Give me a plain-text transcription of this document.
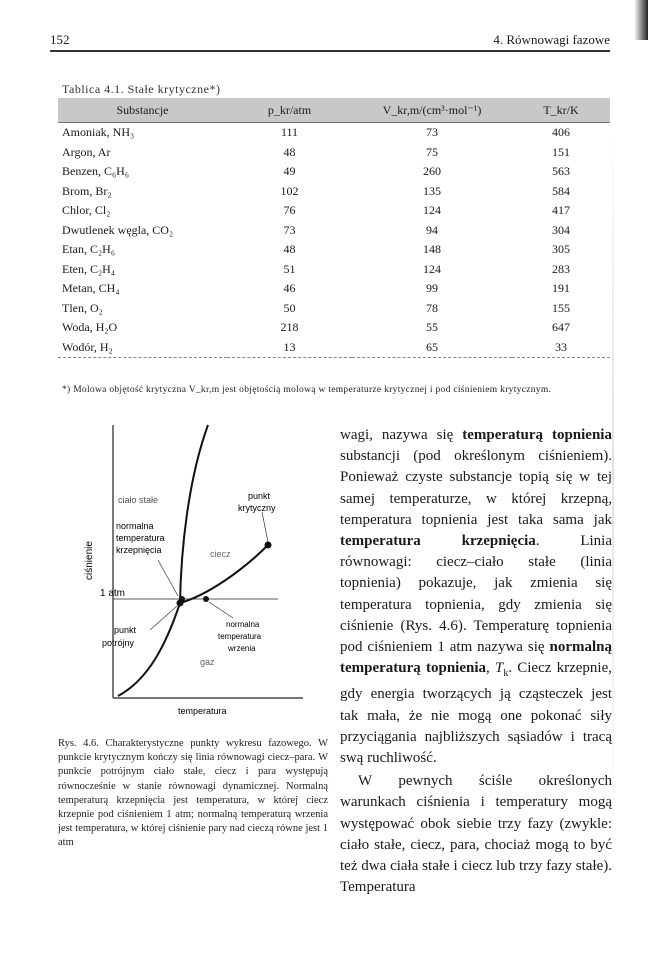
152	4. Równowagi fazowe
Tablica 4.1. Stałe krytyczne*)
Substancje	p_kr/atm	V_kr,m/(cm³·mol⁻¹)	T_kr/K
Amoniak, NH₃	111	73	406
Argon, Ar	48	75	151
Benzen, C₆H₆	49	260	563
Brom, Br₂	102	135	584
Chlor, Cl₂	76	124	417
Dwutlenek węgla, CO₂	73	94	304
Etan, C₂H₆	48	148	305
Eten, C₂H₄	51	124	283
Metan, CH₄	46	99	191
Tlen, O₂	50	78	155
Woda, H₂O	218	55	647
Wodór, H₂	13	65	33
*) Molowa objętość krytyczna V_kr,m jest objętością molową w temperaturze krytycznej i pod ciśnieniem krytycznym.
ciśnienie
temperatura
ciało stałe
ciecz
gaz
1 atm
punkt krytyczny
normalna temperatura krzepnięcia
punkt potrójny
normalna temperatura wrzenia
Rys. 4.6. Charakterystyczne punkty wykresu fazowego. W punkcie krytycznym kończy się linia równowagi ciecz–para. W punkcie potrójnym ciało stałe, ciecz i para występują równocześnie w stanie równowagi dynamicznej. Normalną temperaturą krzepnięcia jest temperatura, w której ciecz krzepnie pod ciśnieniem 1 atm; normalną temperaturą wrzenia jest temperatura, w której ciśnienie pary nad cieczą równe jest 1 atm

wagi, nazywa się temperaturą topnienia substancji (pod określonym ciśnieniem). Ponieważ czyste substancje topią się w tej samej temperaturze, w której krzepną, temperatura topnienia jest taka sama jak temperatura krzepnięcia. Linia równowagi: ciecz–ciało stałe (linia topnienia) pokazuje, jak zmienia się temperatura topnienia, gdy zmienia się ciśnienie (Rys. 4.6). Temperaturę topnienia pod ciśnieniem 1 atm nazywa się normalną temperaturą topnienia, $T_k$. Ciecz krzepnie, gdy energia tworzących ją cząsteczek jest tak mała, że nie mogą one pokonać siły przyciągania najbliższych sąsiadów i tracą swą ruchliwość.

W pewnych ściśle określonych warunkach ciśnienia i temperatury mogą występować obok siebie trzy fazy (zwykle: ciało stałe, ciecz, para, chociaż mogą to być też dwa ciała stałe i ciecz lub trzy fazy stałe). Temperatura
